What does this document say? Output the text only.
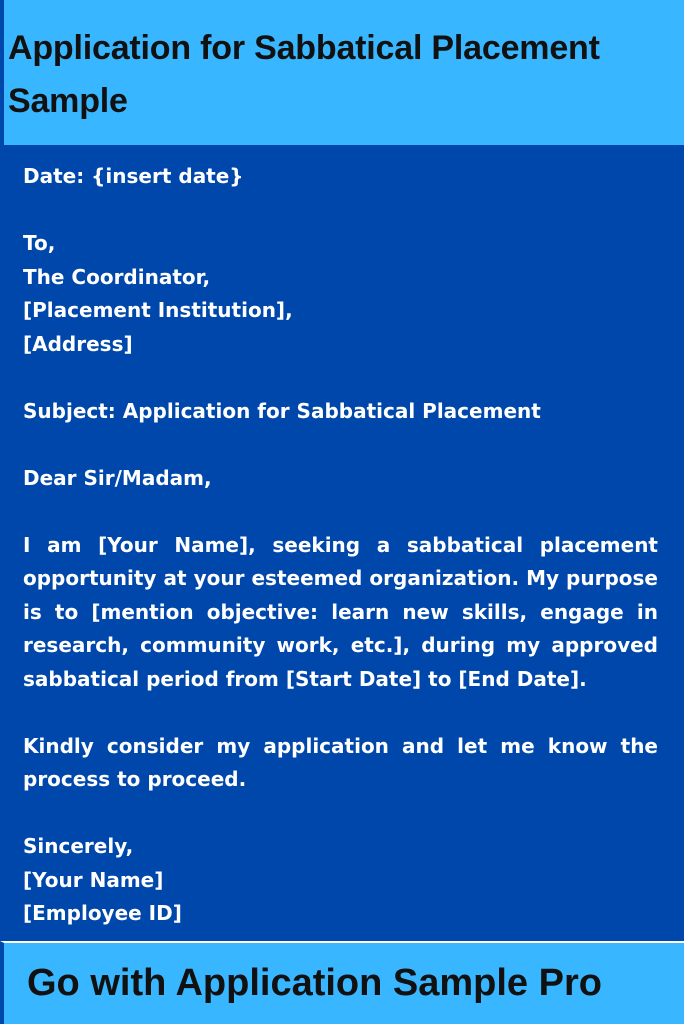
Application for Sabbatical Placement
Sample
Date: {insert date}
To,
The Coordinator,
[Placement Institution],
[Address]
Subject: Application for Sabbatical Placement
Dear Sir/Madam,
I am [Your Name], seeking a sabbatical placement opportunity at your esteemed organization. My purpose is to [mention objective: learn new skills, engage in research, community work, etc.], during my approved sabbatical period from [Start Date] to [End Date].
Kindly consider my application and let me know the process to proceed.
Sincerely,
[Your Name]
[Employee ID]
Go with Application Sample Pro
